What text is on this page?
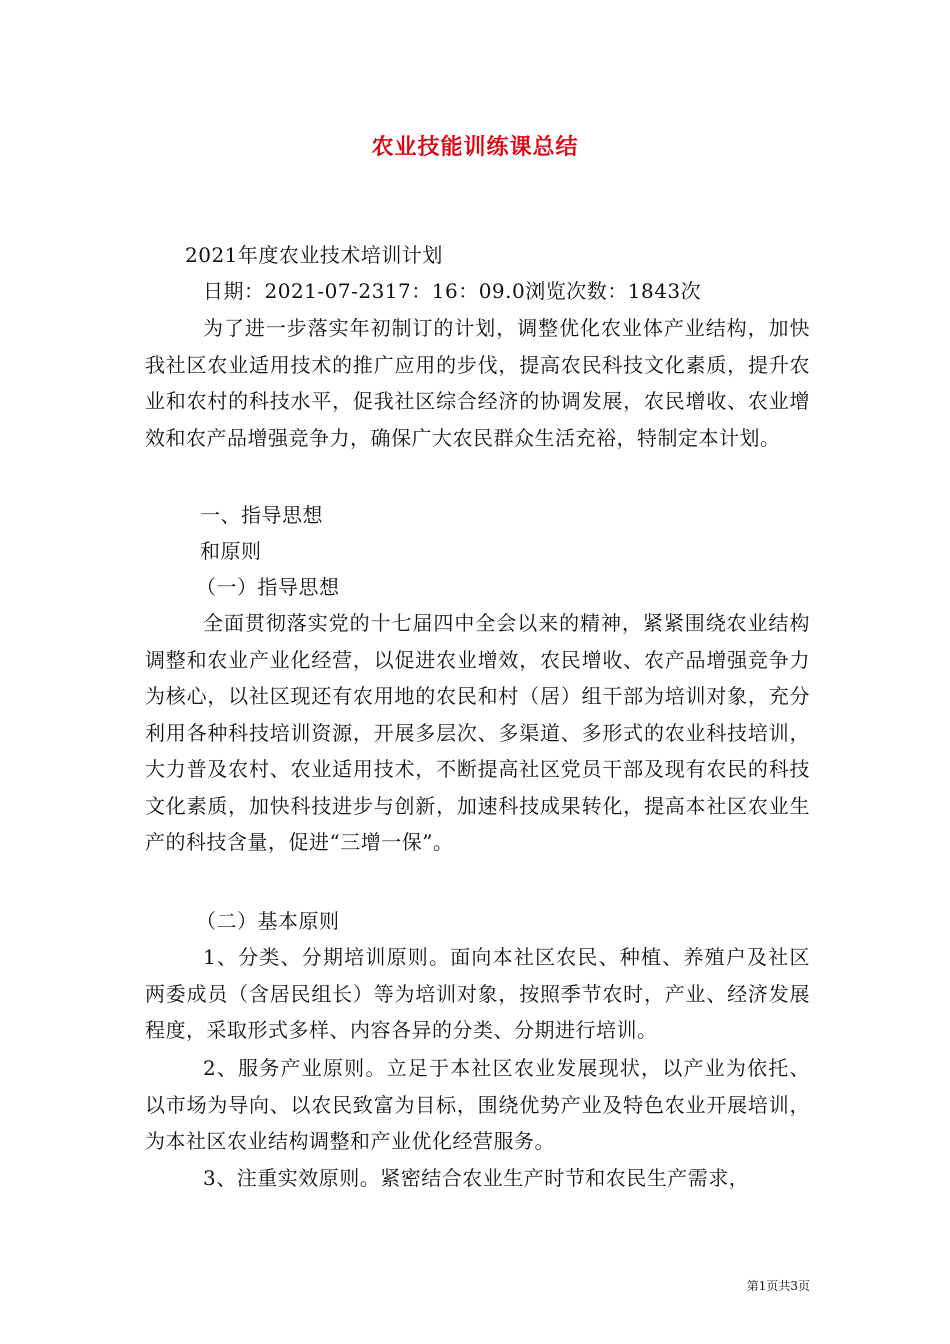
农业技能训练课总结
2021年度农业技术培训计划
日期：2021-07-2317：16：09.0浏览次数：1843次
为了进一步落实年初制订的计划，调整优化农业体产业结构，加快我社区农业适用技术的推广应用的步伐，提高农民科技文化素质，提升农业和农村的科技水平，促我社区综合经济的协调发展，农民增收、农业增效和农产品增强竞争力，确保广大农民群众生活充裕，特制定本计划。
一、指导思想
和原则
（一）指导思想
全面贯彻落实党的十七届四中全会以来的精神，紧紧围绕农业结构调整和农业产业化经营，以促进农业增效，农民增收、农产品增强竞争力为核心，以社区现还有农用地的农民和村（居）组干部为培训对象，充分利用各种科技培训资源，开展多层次、多渠道、多形式的农业科技培训，大力普及农村、农业适用技术，不断提高社区党员干部及现有农民的科技文化素质，加快科技进步与创新，加速科技成果转化，提高本社区农业生产的科技含量，促进“三增一保”。
（二）基本原则
1、分类、分期培训原则。面向本社区农民、种植、养殖户及社区两委成员（含居民组长）等为培训对象，按照季节农时，产业、经济发展程度，采取形式多样、内容各异的分类、分期进行培训。
2、服务产业原则。立足于本社区农业发展现状，以产业为依托、以市场为导向、以农民致富为目标，围绕优势产业及特色农业开展培训，为本社区农业结构调整和产业优化经营服务。
3、注重实效原则。紧密结合农业生产时节和农民生产需求，
第1页共3页
